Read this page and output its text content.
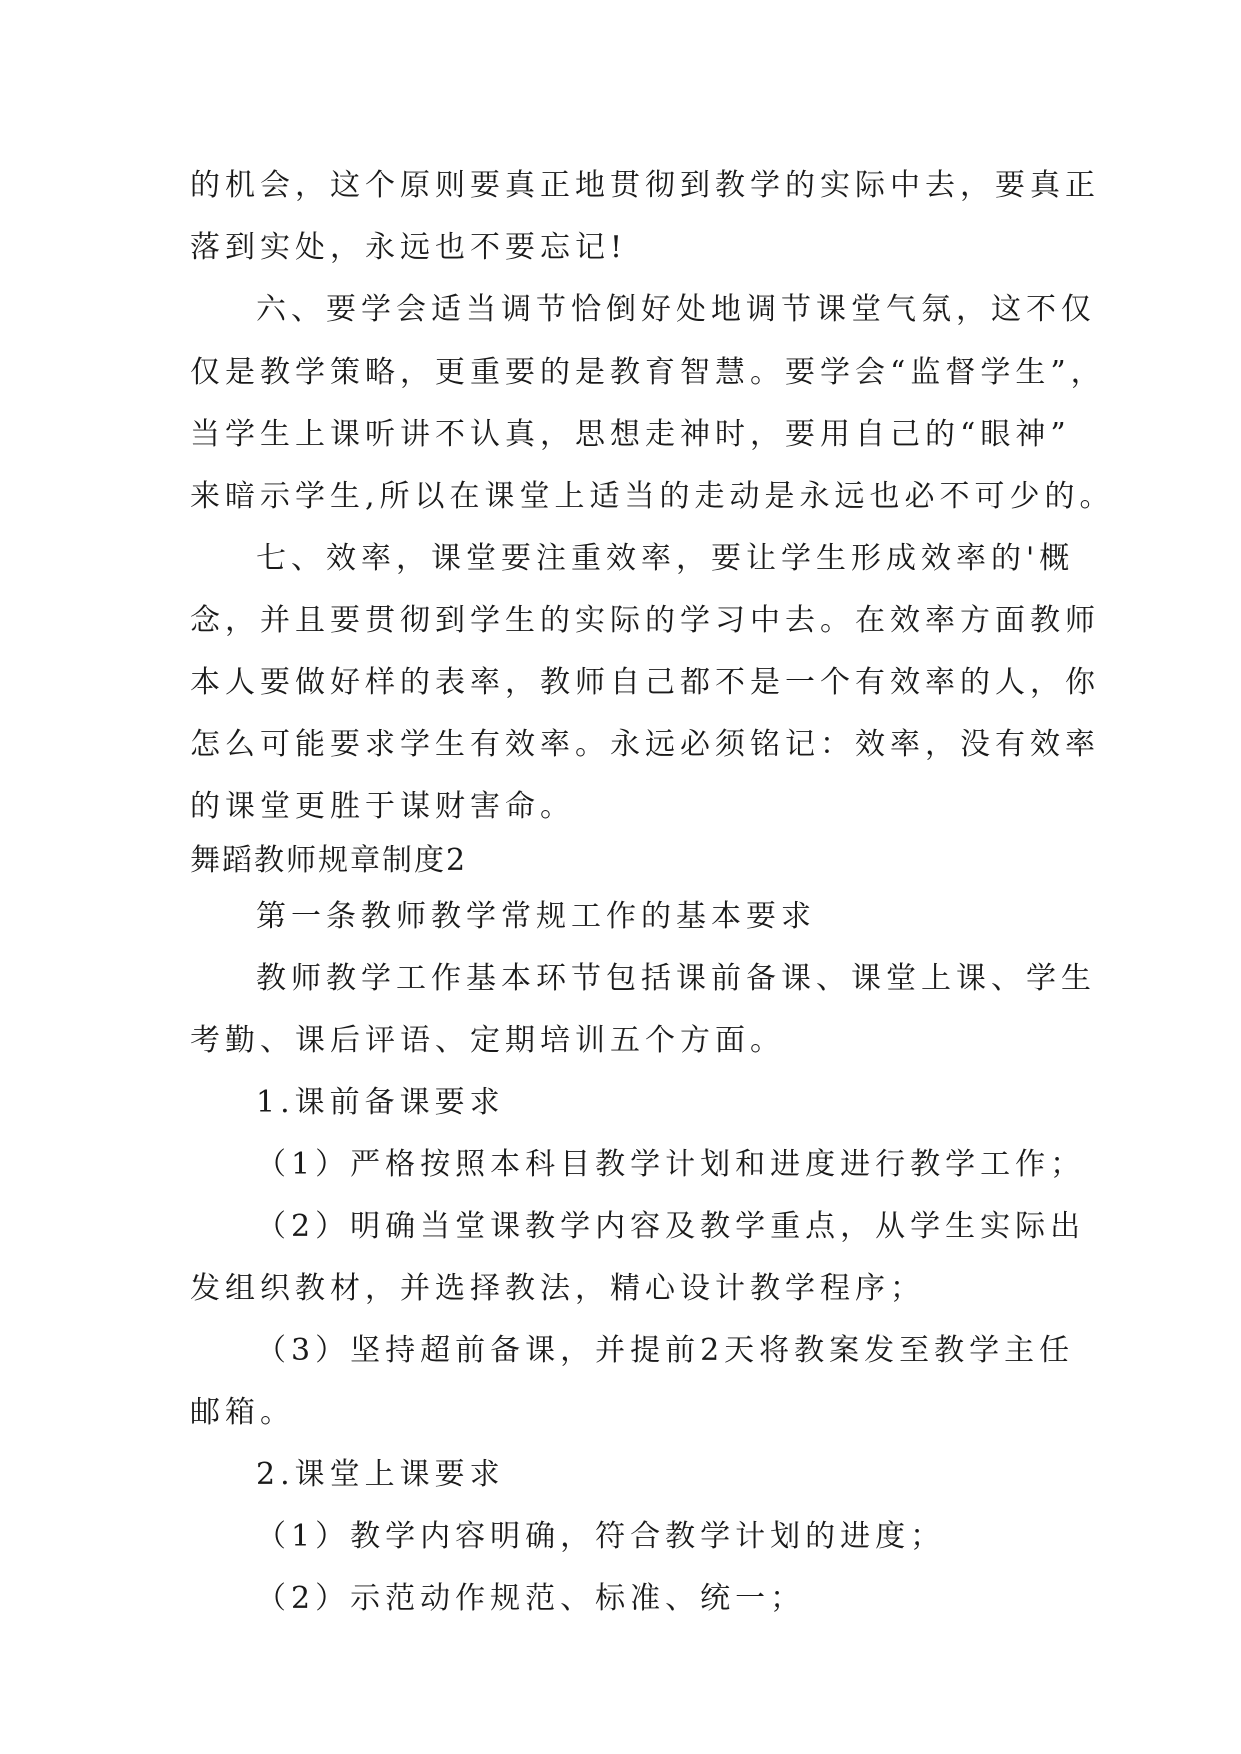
的机会，这个原则要真正地贯彻到教学的实际中去，要真正
落到实处，永远也不要忘记!
六、要学会适当调节恰倒好处地调节课堂气氛，这不仅
仅是教学策略，更重要的是教育智慧。要学会“监督学生”，
当学生上课听讲不认真，思想走神时，要用自己的“眼神”
来暗示学生,所以在课堂上适当的走动是永远也必不可少的。
七、效率，课堂要注重效率，要让学生形成效率的'概
念，并且要贯彻到学生的实际的学习中去。在效率方面教师
本人要做好样的表率，教师自己都不是一个有效率的人，你
怎么可能要求学生有效率。永远必须铭记：效率，没有效率
的课堂更胜于谋财害命。
舞蹈教师规章制度2
第一条教师教学常规工作的基本要求
教师教学工作基本环节包括课前备课、课堂上课、学生
考勤、课后评语、定期培训五个方面。
1.课前备课要求
（1）严格按照本科目教学计划和进度进行教学工作；
（2）明确当堂课教学内容及教学重点，从学生实际出
发组织教材，并选择教法，精心设计教学程序；
（3）坚持超前备课，并提前2天将教案发至教学主任
邮箱。
2.课堂上课要求
（1）教学内容明确，符合教学计划的进度；
（2）示范动作规范、标准、统一；
